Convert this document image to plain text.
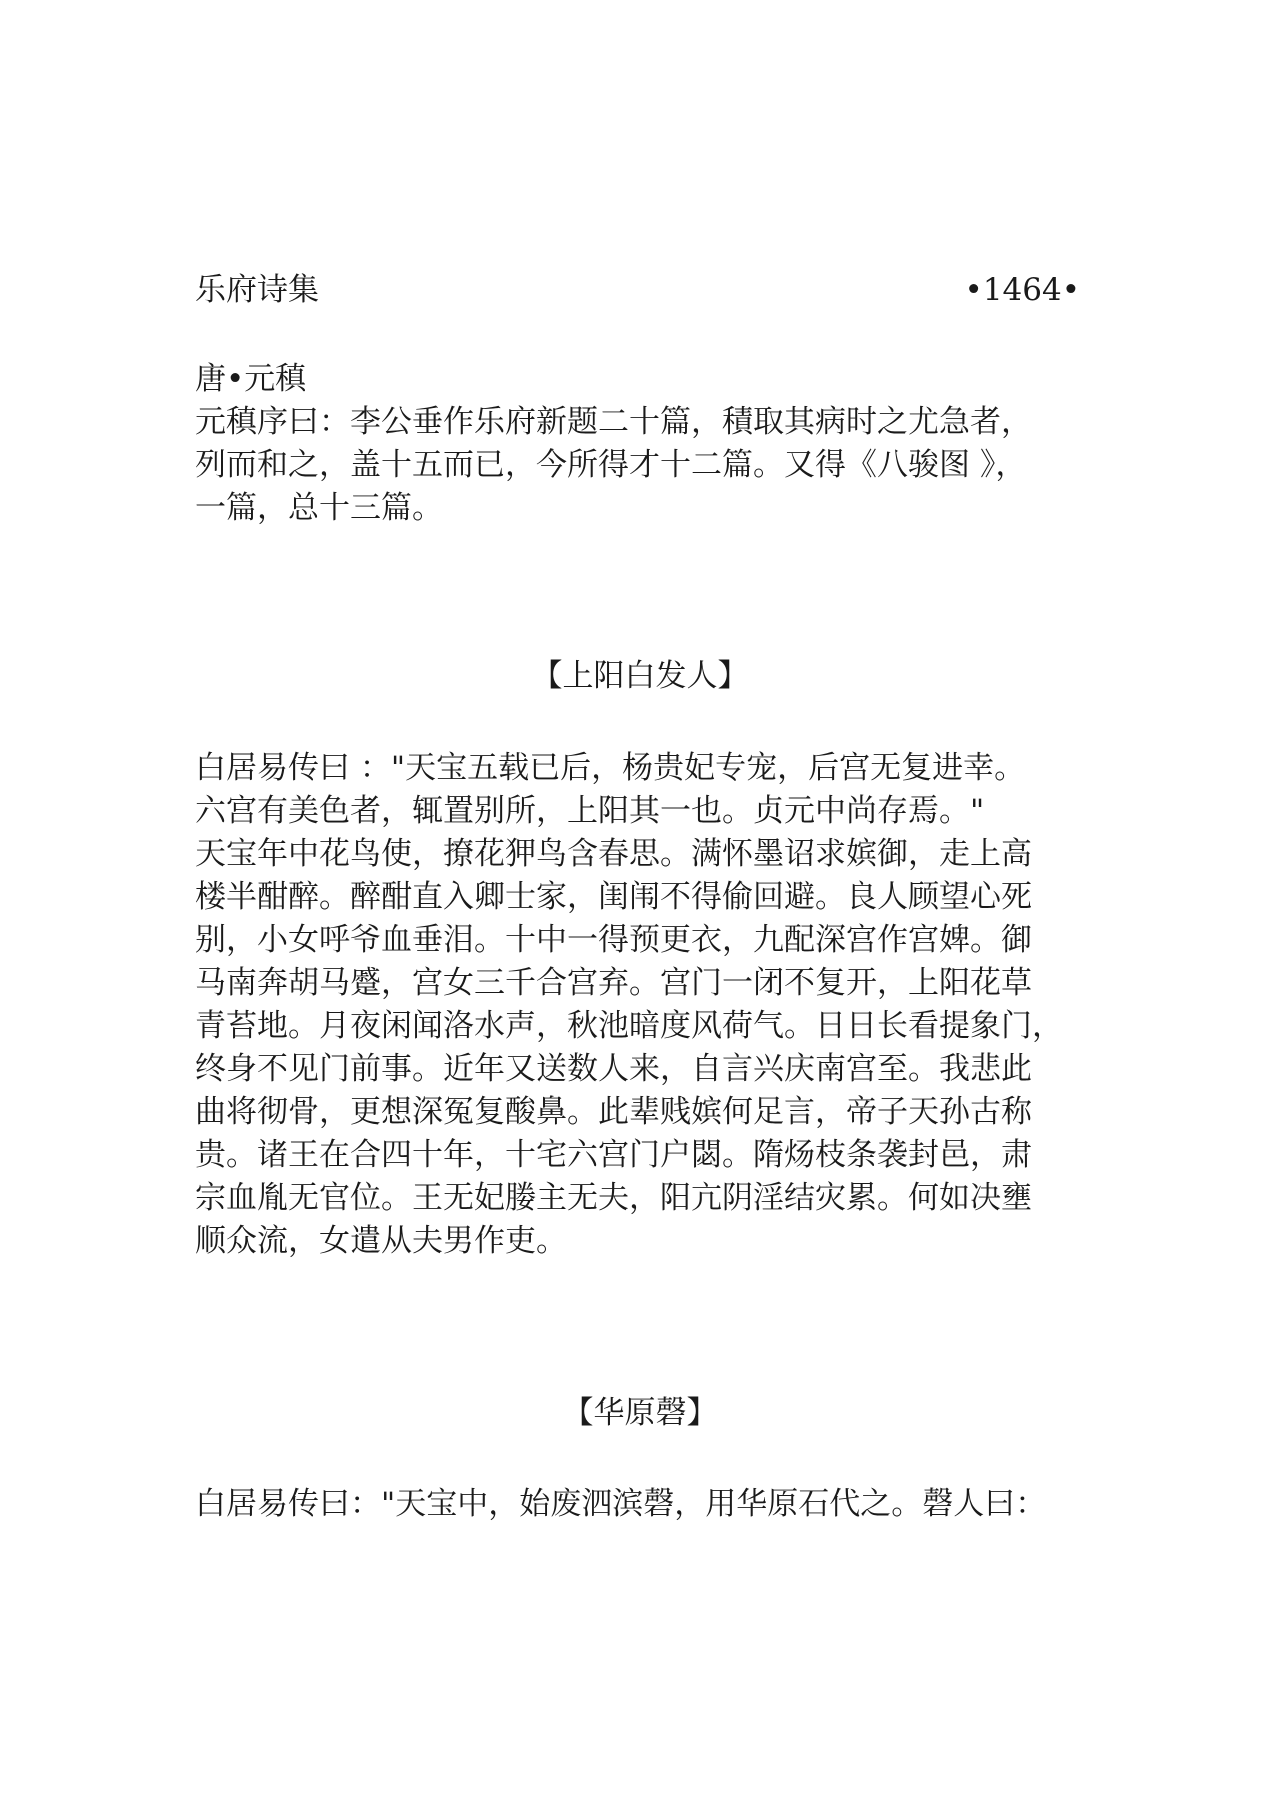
乐府诗集	•1464•
唐•元稹
元稹序曰：李公垂作乐府新题二十篇，積取其病时之尤急者，
列而和之，盖十五而已，今所得才十二篇。又得《八骏图 》，
一篇，总十三篇。
【上阳白发人】
白居易传曰 ："天宝五载已后，杨贵妃专宠，后宫无复进幸。
六宫有美色者，辄置别所，上阳其一也。贞元中尚存焉。"
天宝年中花鸟使，撩花狎鸟含春思。满怀墨诏求嫔御，走上高
楼半酣醉。醉酣直入卿士家，闺闱不得偷回避。良人顾望心死
别，小女呼爷血垂泪。十中一得预更衣，九配深宫作宫婢。御
马南奔胡马蹙，宫女三千合宫弃。宫门一闭不复开，上阳花草
青苔地。月夜闲闻洛水声，秋池暗度风荷气。日日长看提象门，
终身不见门前事。近年又送数人来，自言兴庆南宫至。我悲此
曲将彻骨，更想深冤复酸鼻。此辈贱嫔何足言，帝子天孙古称
贵。诸王在合四十年，十宅六宫门户閟。隋炀枝条袭封邑，肃
宗血胤无官位。王无妃媵主无夫，阳亢阴淫结灾累。何如决壅
顺众流，女遣从夫男作吏。
【华原磬】
白居易传曰："天宝中，始废泗滨磬，用华原石代之。磬人曰：
